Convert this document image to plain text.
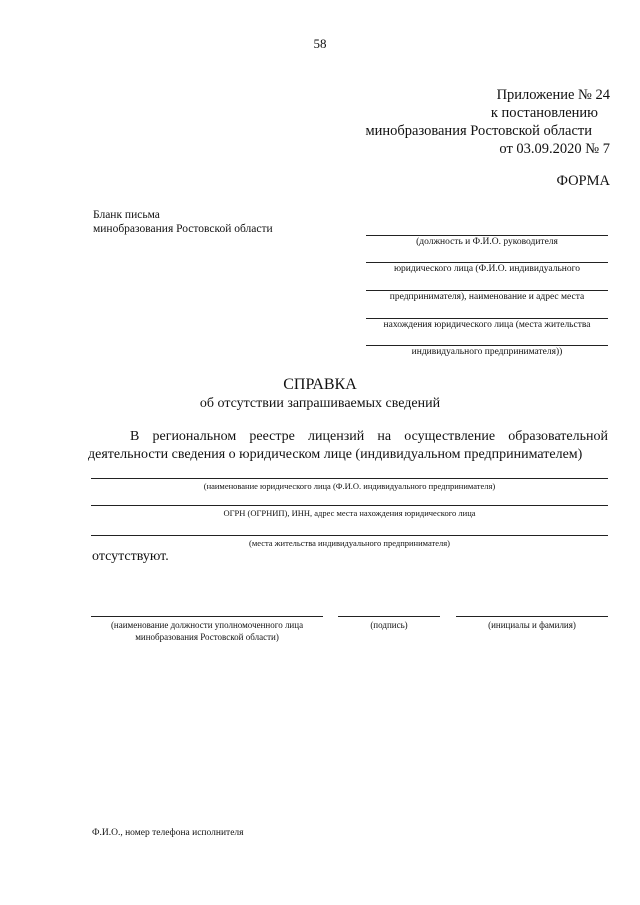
58
Приложение № 24
к постановлению
минобразования Ростовской области
от 03.09.2020 № 7
ФОРМА
Бланк письма
минобразования Ростовской области
(должность и Ф.И.О. руководителя
юридического лица (Ф.И.О. индивидуального
предпринимателя), наименование и адрес места
нахождения юридического лица (места жительства
индивидуального предпринимателя))
СПРАВКА
об отсутствии запрашиваемых сведений
В региональном реестре лицензий на осуществление образовательной деятельности сведения о юридическом лице (индивидуальном предпринимателем)
(наименование юридического лица (Ф.И.О. индивидуального предпринимателя)
ОГРН (ОГРНИП), ИНН, адрес места нахождения юридического лица
(места жительства индивидуального предпринимателя)
отсутствуют.
(наименование должности уполномоченного лица
минобразования Ростовской области)
(подпись)	(инициалы и фамилия)
Ф.И.О., номер телефона исполнителя
